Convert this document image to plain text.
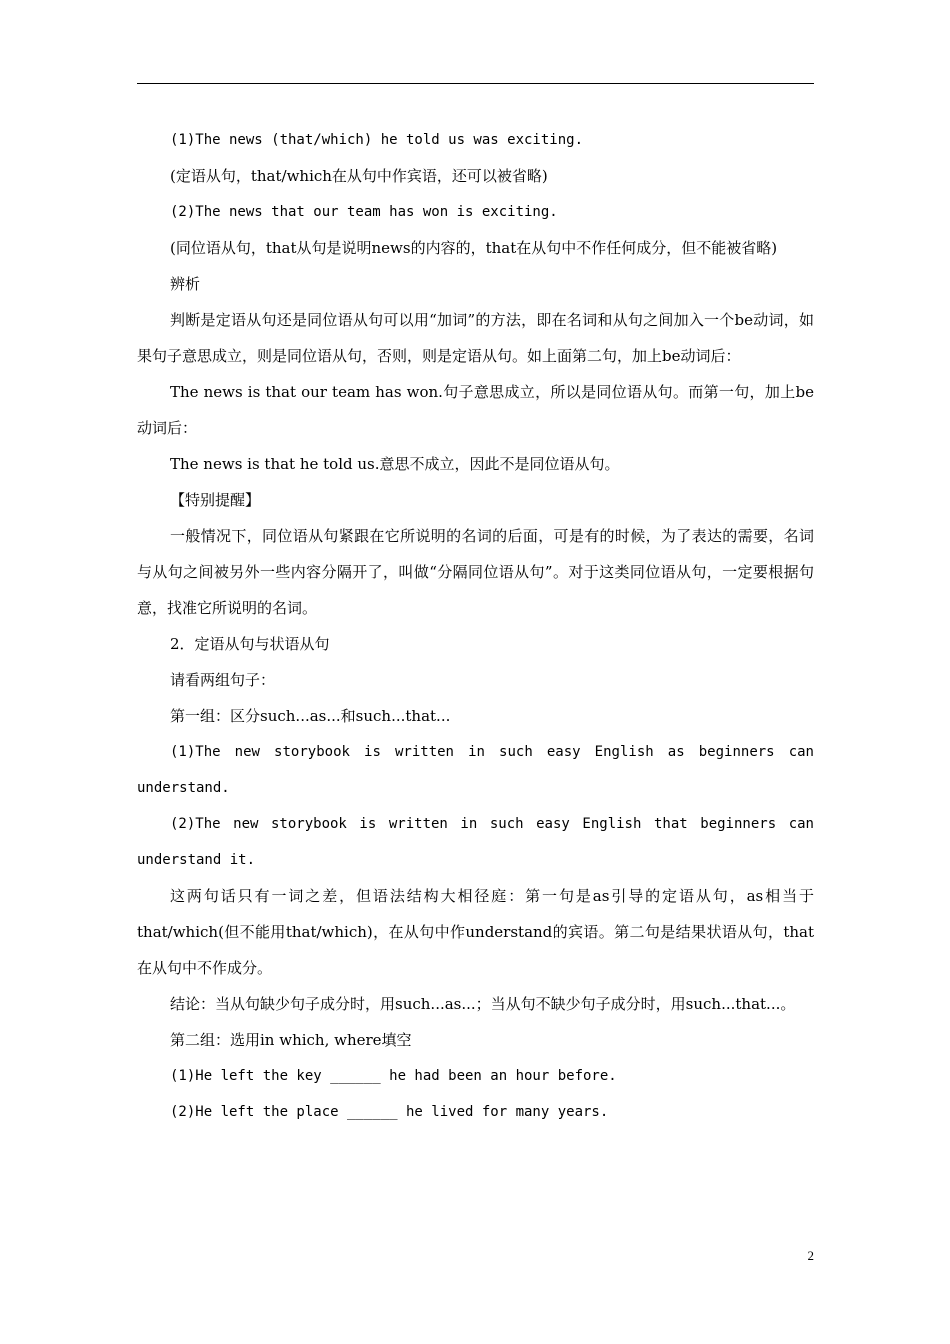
(1)The news (that/which) he told us was exciting.

(定语从句，that/which在从句中作宾语，还可以被省略)

(2)The news that our team has won is exciting.

(同位语从句，that从句是说明news的内容的，that在从句中不作任何成分，但不能被省略)

辨析

判断是定语从句还是同位语从句可以用“加词”的方法，即在名词和从句之间加入一个be动词，如果句子意思成立，则是同位语从句，否则，则是定语从句。如上面第二句，加上be动词后：

The news is that our team has won.句子意思成立，所以是同位语从句。而第一句，加上be动词后：

The news is that he told us.意思不成立，因此不是同位语从句。

【特别提醒】

一般情况下，同位语从句紧跟在它所说明的名词的后面，可是有的时候，为了表达的需要，名词与从句之间被另外一些内容分隔开了，叫做“分隔同位语从句”。对于这类同位语从句，一定要根据句意，找准它所说明的名词。

2．定语从句与状语从句

请看两组句子：

第一组：区分such...as...和such...that...

(1)The new storybook is written in such easy English as beginners can understand.

(2)The new storybook is written in such easy English that beginners can understand it.

这两句话只有一词之差，但语法结构大相径庭：第一句是as引导的定语从句，as相当于that/which(但不能用that/which)，在从句中作understand的宾语。第二句是结果状语从句，that在从句中不作成分。

结论：当从句缺少句子成分时，用such...as...；当从句不缺少句子成分时，用such...that...。

第二组：选用in which, where填空

(1)He left the key ______ he had been an hour before.

(2)He left the place ______ he lived for many years.

2
